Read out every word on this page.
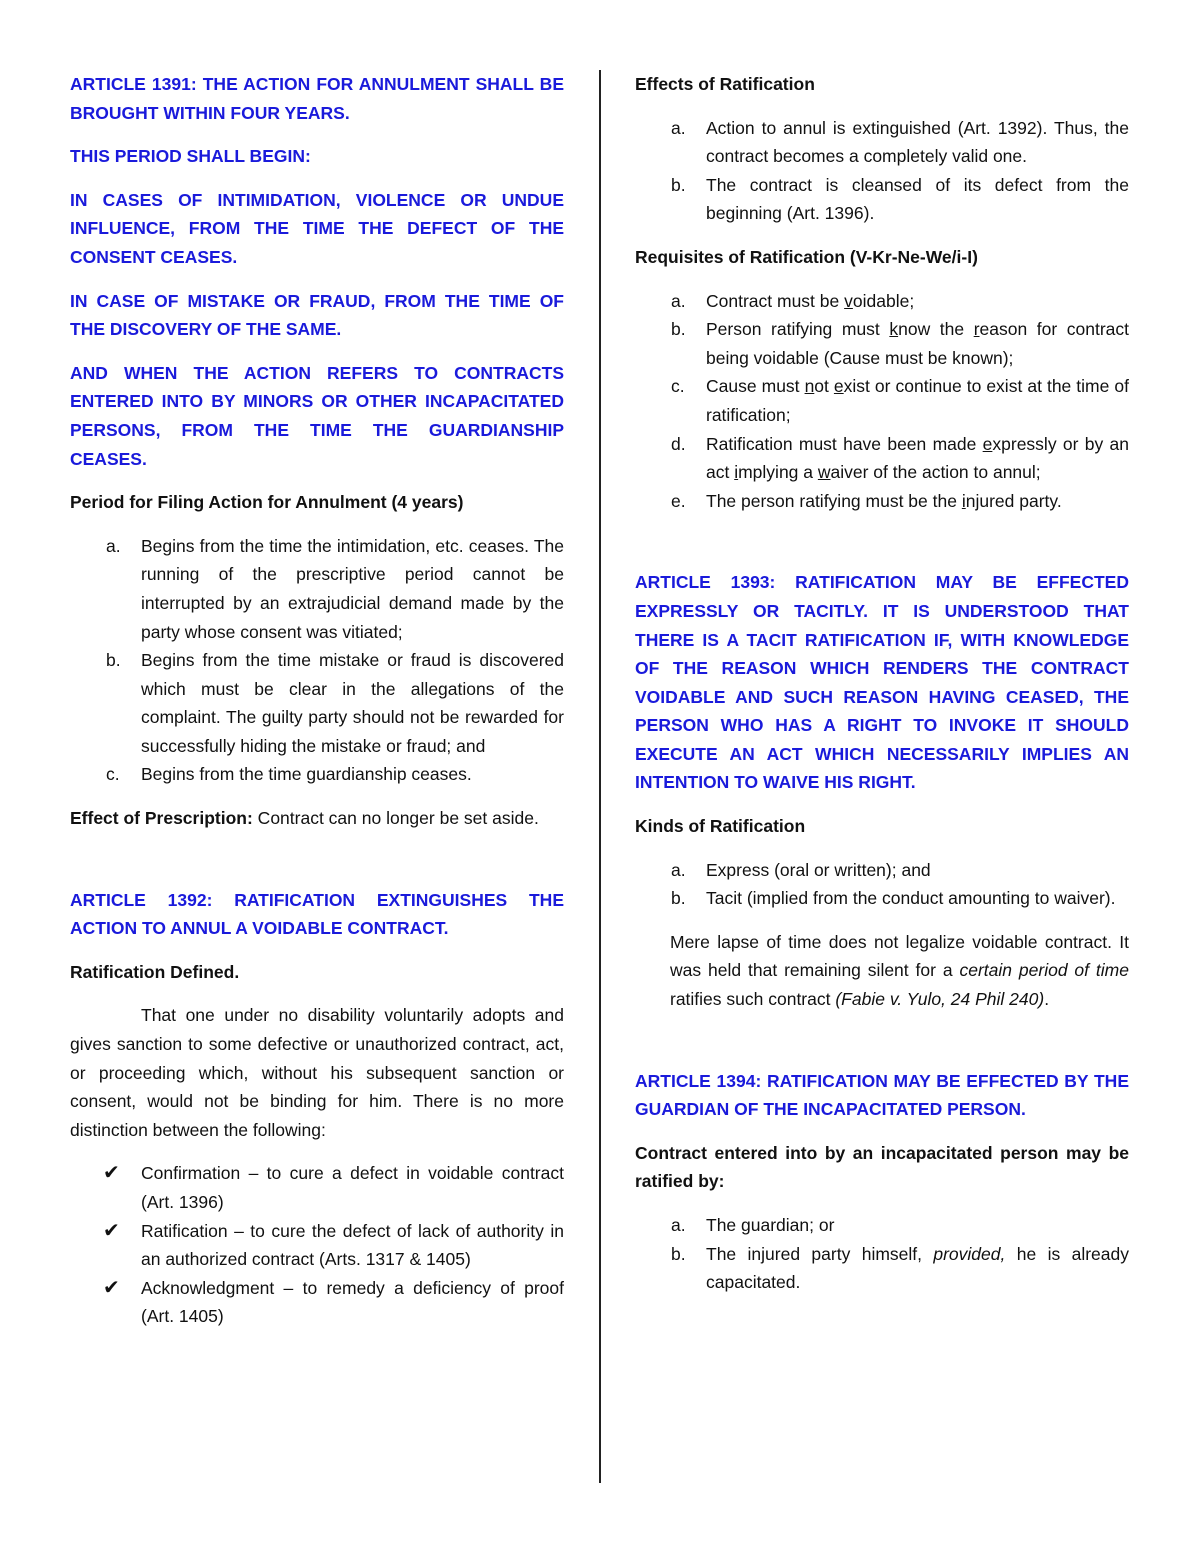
ARTICLE 1391: THE ACTION FOR ANNULMENT SHALL BE BROUGHT WITHIN FOUR YEARS.

THIS PERIOD SHALL BEGIN:

IN CASES OF INTIMIDATION, VIOLENCE OR UNDUE INFLUENCE, FROM THE TIME THE DEFECT OF THE CONSENT CEASES.

IN CASE OF MISTAKE OR FRAUD, FROM THE TIME OF THE DISCOVERY OF THE SAME.

AND WHEN THE ACTION REFERS TO CONTRACTS ENTERED INTO BY MINORS OR OTHER INCAPACITATED PERSONS, FROM THE TIME THE GUARDIANSHIP CEASES.

Period for Filing Action for Annulment (4 years)

a. Begins from the time the intimidation, etc. ceases. The running of the prescriptive period cannot be interrupted by an extrajudicial demand made by the party whose consent was vitiated;
b. Begins from the time mistake or fraud is discovered which must be clear in the allegations of the complaint. The guilty party should not be rewarded for successfully hiding the mistake or fraud; and
c. Begins from the time guardianship ceases.

Effect of Prescription: Contract can no longer be set aside.

ARTICLE 1392: RATIFICATION EXTINGUISHES THE ACTION TO ANNUL A VOIDABLE CONTRACT.

Ratification Defined.

That one under no disability voluntarily adopts and gives sanction to some defective or unauthorized contract, act, or proceeding which, without his subsequent sanction or consent, would not be binding for him. There is no more distinction between the following:

✔ Confirmation – to cure a defect in voidable contract (Art. 1396)
✔ Ratification – to cure the defect of lack of authority in an authorized contract (Arts. 1317 & 1405)
✔ Acknowledgment – to remedy a deficiency of proof (Art. 1405)

Effects of Ratification

a. Action to annul is extinguished (Art. 1392). Thus, the contract becomes a completely valid one.
b. The contract is cleansed of its defect from the beginning (Art. 1396).

Requisites of Ratification (V-Kr-Ne-We/i-I)

a. Contract must be voidable;
b. Person ratifying must know the reason for contract being voidable (Cause must be known);
c. Cause must not exist or continue to exist at the time of ratification;
d. Ratification must have been made expressly or by an act implying a waiver of the action to annul;
e. The person ratifying must be the injured party.

ARTICLE 1393: RATIFICATION MAY BE EFFECTED EXPRESSLY OR TACITLY. IT IS UNDERSTOOD THAT THERE IS A TACIT RATIFICATION IF, WITH KNOWLEDGE OF THE REASON WHICH RENDERS THE CONTRACT VOIDABLE AND SUCH REASON HAVING CEASED, THE PERSON WHO HAS A RIGHT TO INVOKE IT SHOULD EXECUTE AN ACT WHICH NECESSARILY IMPLIES AN INTENTION TO WAIVE HIS RIGHT.

Kinds of Ratification

a. Express (oral or written); and
b. Tacit (implied from the conduct amounting to waiver).

Mere lapse of time does not legalize voidable contract. It was held that remaining silent for a certain period of time ratifies such contract (Fabie v. Yulo, 24 Phil 240).

ARTICLE 1394: RATIFICATION MAY BE EFFECTED BY THE GUARDIAN OF THE INCAPACITATED PERSON.

Contract entered into by an incapacitated person may be ratified by:

a. The guardian; or
b. The injured party himself, provided, he is already capacitated.
